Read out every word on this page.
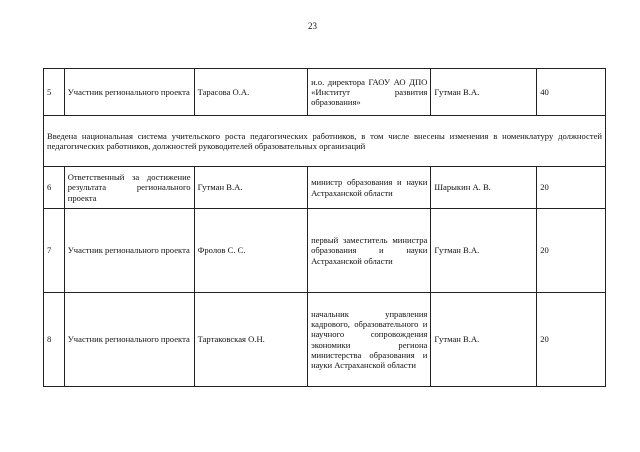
23
5	Участник регионального проекта	Тарасова О.А.	и.о. директора ГАОУ АО ДПО «Институт развития образования»	Гутман В.А.	40
Введена национальная система учительского роста педагогических работников, в том числе внесены изменения в номенклатуру должностей педагогических работников, должностей руководителей образовательных организаций					
6	Ответственный за достижение результата регионального проекта	Гутман В.А.	министр образования и науки Астраханской области	Шарыкин А. В.	20
7	Участник регионального проекта	Фролов С. С.	первый заместитель министра образования и науки Астраханской области	Гутман В.А.	20
8	Участник регионального проекта	Тартаковская О.Н.	начальник управления кадрового, образовательного и научного сопровождения экономики региона министерства образования и науки Астраханской области	Гутман В.А.	20
